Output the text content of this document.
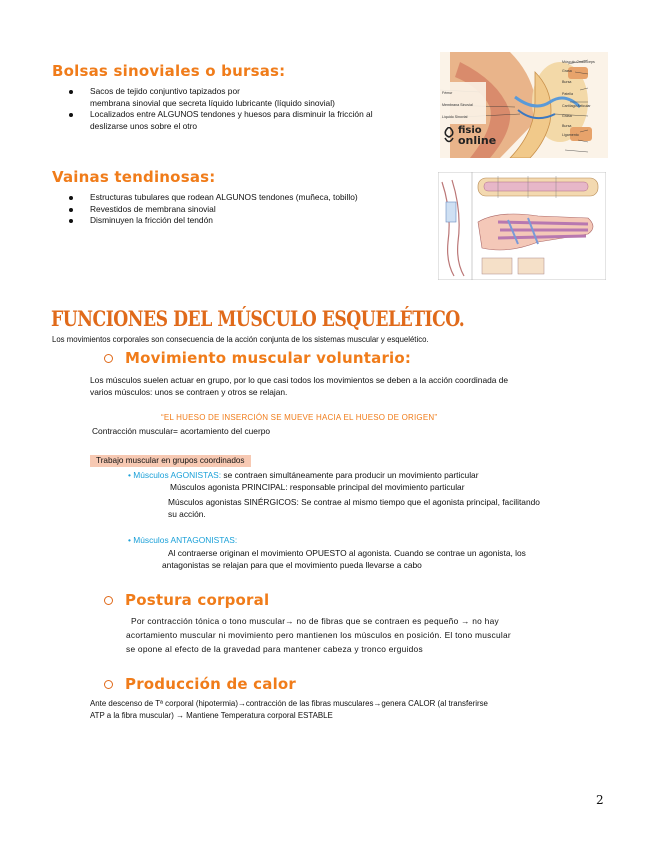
Bolsas sinoviales o bursas:
Sacos de tejido conjuntivo tapizados por
membrana sinovial que secreta líquido lubricante (líquido sinovial)
Localizados entre ALGUNOS tendones y huesos para disminuir la fricción al
deslizarse unos sobre el otro
Músculo Cuadríceps
Grasa
Bursa
Patella
Cartílago Articular
Grasa
Bursa
Ligamento
Fémur
Membrana Sinovial
Líquido Sinovial
fisio
online
Vainas tendinosas:
Estructuras tubulares que rodean ALGUNOS tendones (muñeca, tobillo)
Revestidos de membrana sinovial
Disminuyen la fricción del tendón
FUNCIONES DEL MÚSCULO ESQUELÉTICO.
Los movimientos corporales son consecuencia de la acción conjunta de los sistemas muscular y esquelético.
Movimiento muscular voluntario:
Los músculos suelen actuar en grupo, por lo que casi todos los movimientos se deben a la acción coordinada de
varios músculos: unos se contraen y otros se relajan.
“EL HUESO DE INSERCIÓN SE MUEVE HACIA EL HUESO DE ORIGEN”
Contracción muscular= acortamiento del cuerpo
Trabajo muscular en grupos coordinados
• Músculos AGONISTAS: se contraen simultáneamente para producir un movimiento particular
Músculos agonista PRINCIPAL: responsable principal del movimiento particular
Músculos agonistas SINÉRGICOS: Se contrae al mismo tiempo que el agonista principal, facilitando
su acción.
• Músculos ANTAGONISTAS:
Al contraerse originan el movimiento OPUESTO al agonista. Cuando se contrae un agonista, los
antagonistas se relajan para que el movimiento pueda llevarse a cabo
Postura corporal
Por contracción tónica o tono muscular→ no de fibras que se contraen es pequeño → no hay
acortamiento muscular ni movimiento pero mantienen los músculos en posición. El tono muscular
se opone al efecto de la gravedad para mantener cabeza y tronco erguidos
Producción de calor
Ante descenso de Tª corporal (hipotermia)→contracción de las fibras musculares→genera CALOR (al transferirse
ATP a la fibra muscular) → Mantiene Temperatura corporal ESTABLE
2
